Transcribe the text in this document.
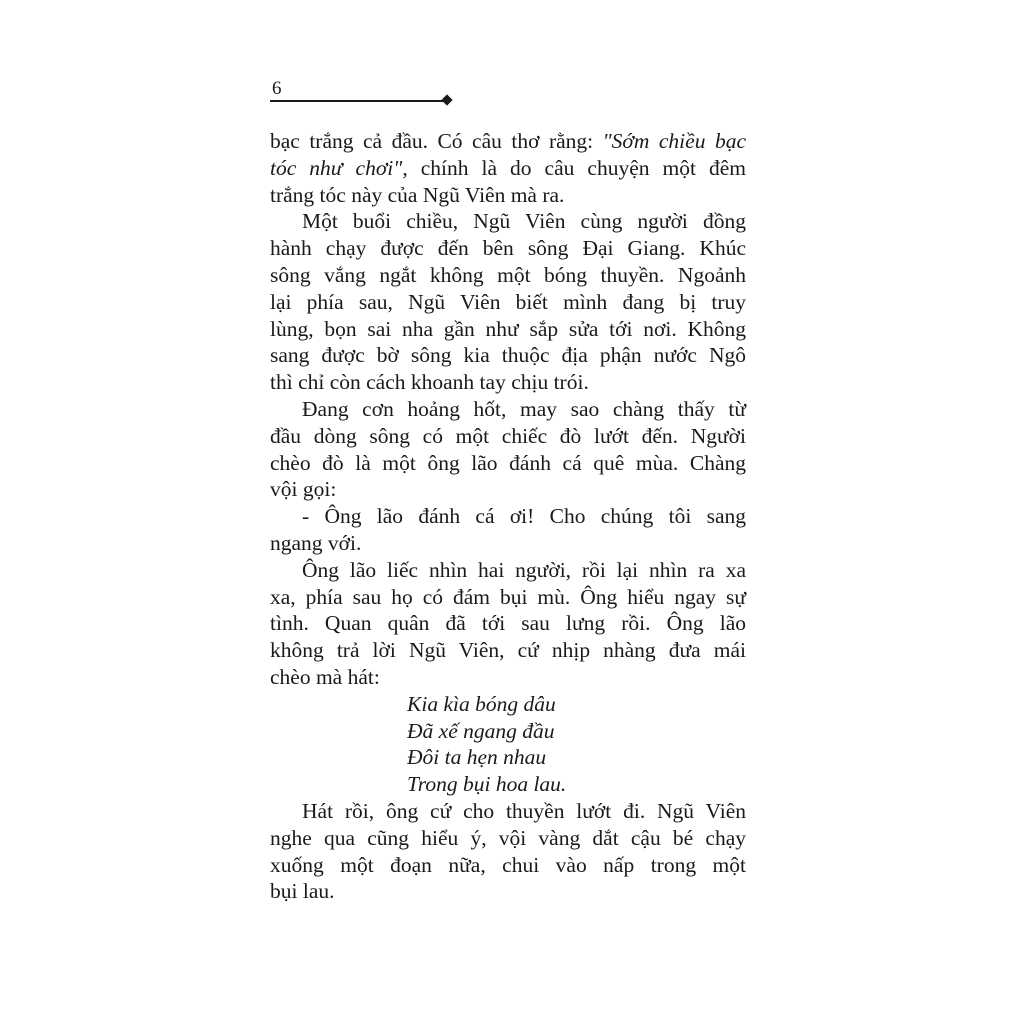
6
bạc trắng cả đầu. Có câu thơ rằng: "Sớm chiều bạc
tóc như chơi", chính là do câu chuyện một đêm
trắng tóc này của Ngũ Viên mà ra.
Một buổi chiều, Ngũ Viên cùng người đồng
hành chạy được đến bên sông Đại Giang. Khúc
sông vắng ngắt không một bóng thuyền. Ngoảnh
lại phía sau, Ngũ Viên biết mình đang bị truy
lùng, bọn sai nha gần như sắp sửa tới nơi. Không
sang được bờ sông kia thuộc địa phận nước Ngô
thì chỉ còn cách khoanh tay chịu trói.
Đang cơn hoảng hốt, may sao chàng thấy từ
đầu dòng sông có một chiếc đò lướt đến. Người
chèo đò là một ông lão đánh cá quê mùa. Chàng
vội gọi:
- Ông lão đánh cá ơi! Cho chúng tôi sang
ngang với.
Ông lão liếc nhìn hai người, rồi lại nhìn ra xa
xa, phía sau họ có đám bụi mù. Ông hiểu ngay sự
tình. Quan quân đã tới sau lưng rồi. Ông lão
không trả lời Ngũ Viên, cứ nhịp nhàng đưa mái
chèo mà hát:
Kia kìa bóng dâu
Đã xế ngang đầu
Đôi ta hẹn nhau
Trong bụi hoa lau.
Hát rồi, ông cứ cho thuyền lướt đi. Ngũ Viên
nghe qua cũng hiểu ý, vội vàng dắt cậu bé chạy
xuống một đoạn nữa, chui vào nấp trong một
bụi lau.
